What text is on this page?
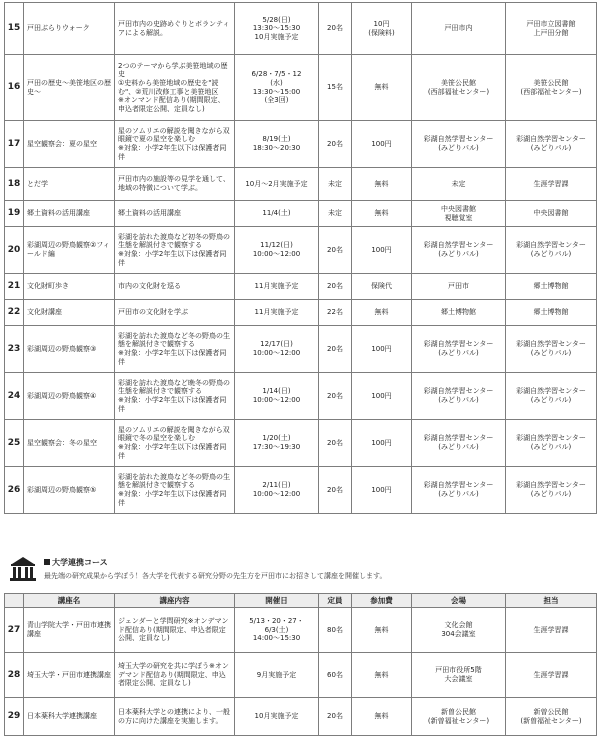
15	戸田ぶらりウォーク	戸田市内の史跡めぐりとボランティアによる解説。	5/28(日)
13:30～15:30
10月実施予定	20名	10円
(保険料)	戸田市内	戸田市立図書館
上戸田分館

16	戸田の歴史～美笹地区の歴史～	2つのテーマから学ぶ美笹地域の歴史
①史料から美笹地域の歴史を"読む"、②荒川改修工事と美笹地区
※オンマンド配信あり(期間限定、申込者限定公開、定員なし)	6/28・7/5・12
(水)
13:30～15:00
(全3回)	15名	無料	美笹公民館
(西部福祉センター)	美笹公民館
(西部福祉センター)

17	星空観察会：夏の星空	星のソムリエの解説を聞きながら双眼鏡で夏の星空を楽しむ
※対象：小学2年生以下は保護者同伴	8/19(土)
18:30～20:30	20名	100円	彩湖自然学習センター
(みどりパル)	彩湖自然学習センター
(みどりパル)

18	とだ学	戸田市内の施設等の見学を通して、地域の特徴について学ぶ。	10月～2月実施予定	未定	無料	未定	生涯学習課

19	郷土資料の活用講座	郷土資料の活用講座	11/4(土)	未定	無料	中央図書館
視聴覚室	中央図書館

20	彩湖周辺の野鳥観察②フィールド編	彩湖を訪れた渡鳥など初冬の野鳥の生態を解説付きで観察する
※対象：小学2年生以下は保護者同伴	11/12(日)
10:00～12:00	20名	100円	彩湖自然学習センター
(みどりパル)	彩湖自然学習センター
(みどりパル)

21	文化財町歩き	市内の文化財を巡る	11月実施予定	20名	保険代	戸田市	郷土博物館

22	文化財講座	戸田市の文化財を学ぶ	11月実施予定	22名	無料	郷土博物館	郷土博物館

23	彩湖周辺の野鳥観察③	彩湖を訪れた渡鳥など冬の野鳥の生態を解説付きで観察する
※対象：小学2年生以下は保護者同伴	12/17(日)
10:00～12:00	20名	100円	彩湖自然学習センター
(みどりパル)	彩湖自然学習センター
(みどりパル)

24	彩湖周辺の野鳥観察④	彩湖を訪れた渡鳥など晩冬の野鳥の生態を解説付きで観察する
※対象：小学2年生以下は保護者同伴	1/14(日)
10:00～12:00	20名	100円	彩湖自然学習センター
(みどりパル)	彩湖自然学習センター
(みどりパル)

25	星空観察会：冬の星空	星のソムリエの解説を聞きながら双眼鏡で冬の星空を楽しむ
※対象：小学2年生以下は保護者同伴	1/20(土)
17:30～19:30	20名	100円	彩湖自然学習センター
(みどりパル)	彩湖自然学習センター
(みどりパル)

26	彩湖周辺の野鳥観察⑤	彩湖を訪れた渡鳥など冬の野鳥の生態を解説付きで観察する
※対象：小学2年生以下は保護者同伴	2/11(日)
10:00～12:00	20名	100円	彩湖自然学習センター
(みどりパル)	彩湖自然学習センター
(みどりパル)
大学連携コース
最先端の研究成果から学ぼう！各大学を代表する研究分野の先生方を戸田市にお招きして講座を開催します。
	講座名	講座内容	開催日	定員	参加費	会場	担当

27	青山学院大学・戸田市連携講座	ジェンダーと学問研究※オンデマンド配信あり(期間限定、申込者限定公開、定員なし)	5/13・20・27・
6/3(土)
14:00～15:30	80名	無料	文化会館
304会議室	生涯学習課

28	埼玉大学・戸田市連携講座	埼玉大学の研究を共に学ぼう※オンデマンド配信あり(期間限定、申込者限定公開、定員なし)	9月実施予定	60名	無料	戸田市役所5階
大会議室	生涯学習課

29	日本薬科大学連携講座	日本薬科大学との連携により、一般の方に向けた講座を実施します。	10月実施予定	20名	無料	新曽公民館
(新曽福祉センター)	新曽公民館
(新曽福祉センター)
